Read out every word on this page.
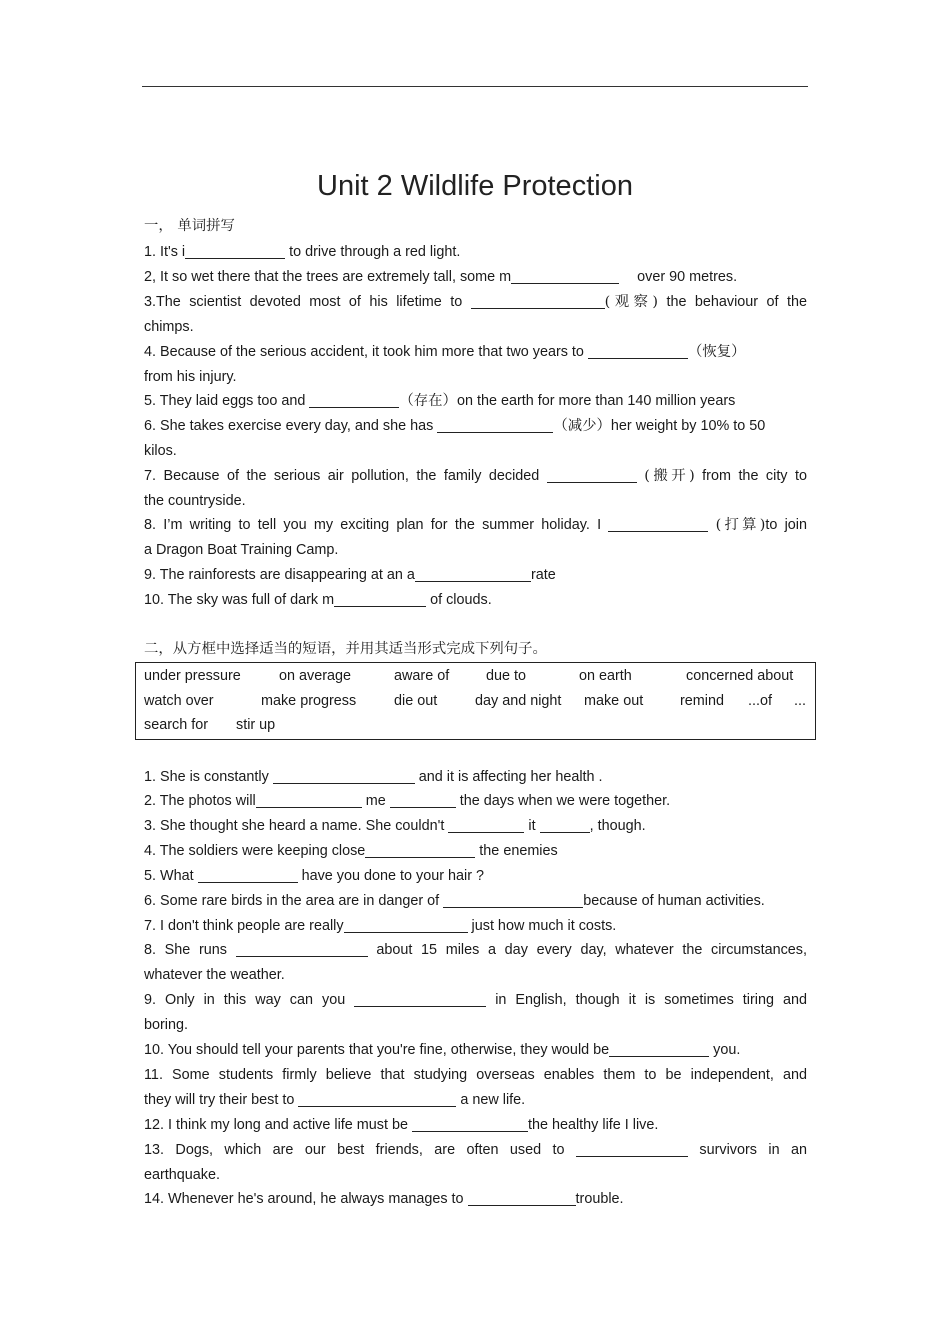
Unit 2 Wildlife Protection
一， 单词拼写
1. It's i	to drive through a red light.
2, It so wet there that the trees are extremely tall, some m	over 90 metres.
3.The scientist devoted most of his lifetime to	(观察) the behaviour of the
chimps.
4. Because of the serious accident, it took him more that two years to	（恢复）
from his injury.
5. They laid eggs too and	（存在）on the earth for more than 140 million years
6. She takes exercise every day, and she has	（减少）her weight by 10% to 50
kilos.
7. Because of the serious air pollution, the family decided	(搬开) from the city to
the countryside.
8. I’m writing to tell you my exciting plan for the summer holiday. I	(打算)to join
a Dragon Boat Training Camp.
9. The rainforests are disappearing at an a	rate
10. The sky was full of dark m	of clouds.
二，从方框中选择适当的短语，并用其适当形式完成下列句子。
under pressure	on average	aware of	due to	on earth	concerned about
watch over	make progress	die out	day and night make out	remind ...of ...
search for stir up
1. She is constantly	and it is affecting her health .
2. The photos will	me	the days when we were together.
3. She thought she heard a name. She couldn't	it	, though.
4. The soldiers were keeping close	the enemies
5. What	have you done to your hair ?
6. Some rare birds in the area are in danger of	because of human activities.
7. I don't think people are really	just how much it costs.
8. She runs	about 15 miles a day every day, whatever the circumstances,
whatever the weather.
9. Only in this way can you	in English, though it is sometimes tiring and
boring.
10. You should tell your parents that you're fine, otherwise, they would be	you.
11. Some students firmly believe that studying overseas enables them to be independent, and
they will try their best to	a new life.
12. I think my long and active life must be	the healthy life I live.
13. Dogs, which are our best friends, are often used to	survivors in an
earthquake.
14. Whenever he's around, he always manages to	trouble.
